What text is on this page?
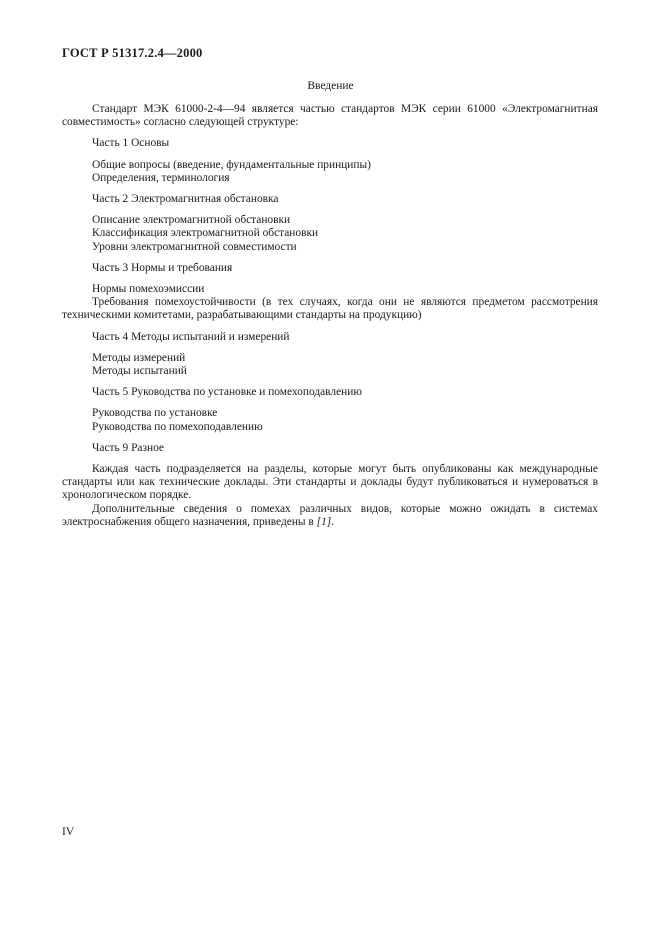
ГОСТ Р 51317.2.4—2000
Введение

Стандарт МЭК 61000-2-4—94 является частью стандартов МЭК серии 61000 «Электромагнитная совместимость» согласно следующей структуре:

Часть 1 Основы

Общие вопросы (введение, фундаментальные принципы)

Определения, терминология

Часть 2 Электромагнитная обстановка

Описание электромагнитной обстановки

Классификация электромагнитной обстановки

Уровни электромагнитной совместимости

Часть 3 Нормы и требования

Нормы помехоэмиссии

Требования помехоустойчивости (в тех случаях, когда они не являются предметом рассмотрения техническими комитетами, разрабатывающими стандарты на продукцию)

Часть 4 Методы испытаний и измерений

Методы измерений

Методы испытаний

Часть 5 Руководства по установке и помехоподавлению

Руководства по установке

Руководства по помехоподавлению

Часть 9 Разное

Каждая часть подразделяется на разделы, которые могут быть опубликованы как международные стандарты или как технические доклады. Эти стандарты и доклады будут публиковаться и нумероваться в хронологическом порядке.

Дополнительные сведения о помехах различных видов, которые можно ожидать в системах электроснабжения общего назначения, приведены в [1].

IV
